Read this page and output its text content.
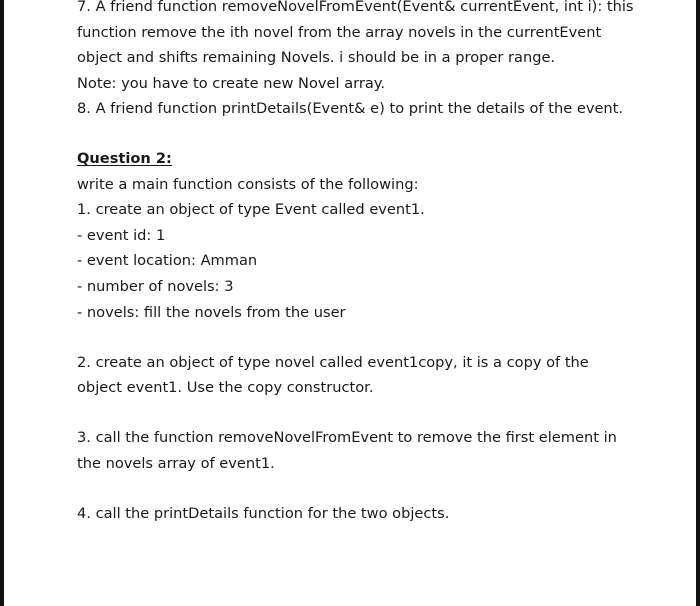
7. A friend function removeNovelFromEvent(Event& currentEvent, int i): this
function remove the ith novel from the array novels in the currentEvent
object and shifts remaining Novels. i should be in a proper range.
Note: you have to create new Novel array.
8. A friend function printDetails(Event& e) to print the details of the event.
Question 2:
write a main function consists of the following:
1. create an object of type Event called event1.
- event id: 1
- event location: Amman
- number of novels: 3
- novels: fill the novels from the user
2. create an object of type novel called event1copy, it is a copy of the
object event1. Use the copy constructor.
3. call the function removeNovelFromEvent to remove the first element in
the novels array of event1.
4. call the printDetails function for the two objects.
